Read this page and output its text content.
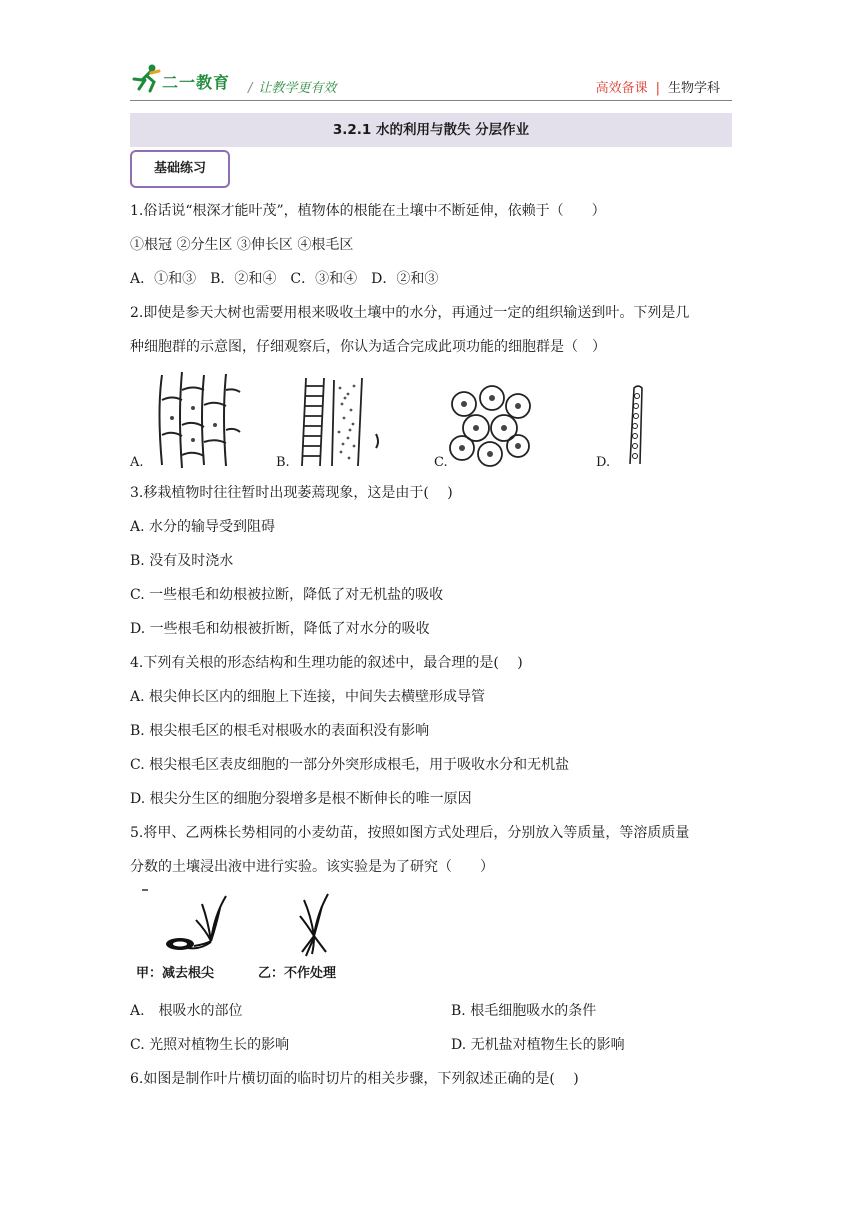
二一教育 / 让教学更有效	高效备课 | 生物学科
3.2.1 水的利用与散失 分层作业
基础练习
1.俗话说“根深才能叶茂”，植物体的根能在土壤中不断延伸，依赖于（　　）
①根冠 ②分生区 ③伸长区 ④根毛区
A．①和③　B．②和④　C．③和④　D．②和③
2.即使是参天大树也需要用根来吸收土壤中的水分，再通过一定的组织输送到叶。下列是几
种细胞群的示意图，仔细观察后，你认为适合完成此项功能的细胞群是（　）
A.	B.	C.	D.
3.移栽植物时往往暂时出现萎蔫现象，这是由于(　 )
A. 水分的输导受到阻碍
B. 没有及时浇水
C. 一些根毛和幼根被拉断，降低了对无机盐的吸收
D. 一些根毛和幼根被折断，降低了对水分的吸收
4.下列有关根的形态结构和生理功能的叙述中，最合理的是(　 )
A. 根尖伸长区内的细胞上下连接，中间失去横壁形成导管
B. 根尖根毛区的根毛对根吸水的表面积没有影响
C. 根尖根毛区表皮细胞的一部分外突形成根毛，用于吸收水分和无机盐
D. 根尖分生区的细胞分裂增多是根不断伸长的唯一原因
5.将甲、乙两株长势相同的小麦幼苗，按照如图方式处理后，分别放入等质量，等溶质质量
分数的土壤浸出液中进行实验。该实验是为了研究（　　）
甲：减去根尖	乙：不作处理
A.　根吸水的部位	B. 根毛细胞吸水的条件
C. 光照对植物生长的影响	D. 无机盐对植物生长的影响
6.如图是制作叶片横切面的临时切片的相关步骤，下列叙述正确的是(　 )
